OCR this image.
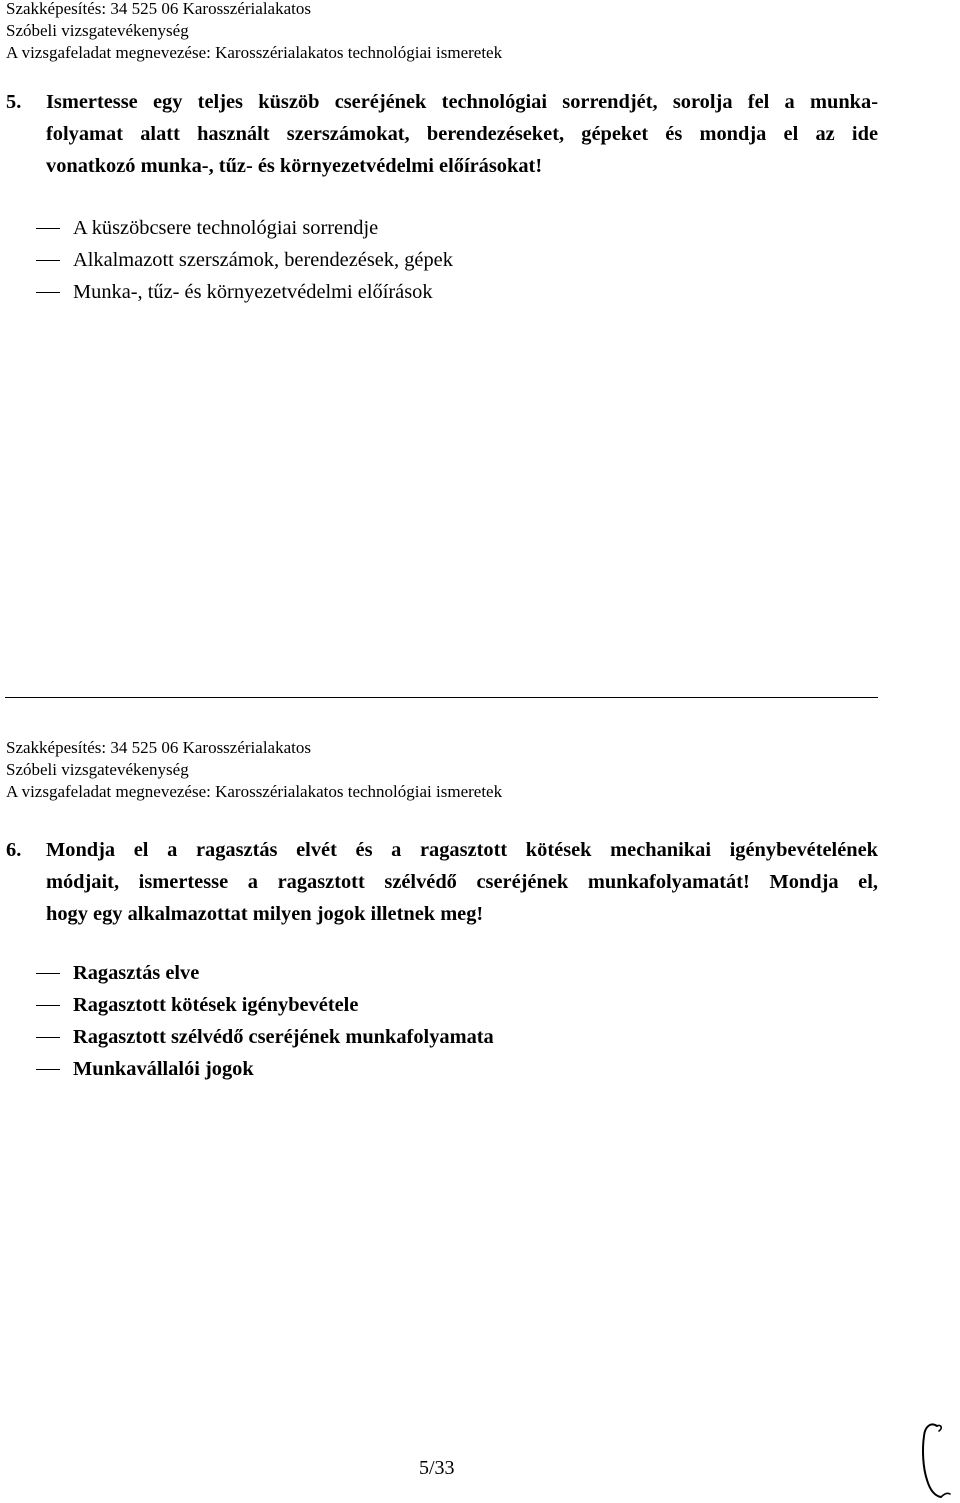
Szakképesítés: 34 525 06 Karosszérialakatos
Szóbeli vizsgatevékenység
A vizsgafeladat megnevezése: Karosszérialakatos technológiai ismeretek
5. Ismertesse egy teljes küszöb cseréjének technológiai sorrendjét, sorolja fel a munka-
folyamat alatt használt szerszámokat, berendezéseket, gépeket és mondja el az ide
vonatkozó munka-, tűz- és környezetvédelmi előírásokat!
A küszöbcsere technológiai sorrendje
Alkalmazott szerszámok, berendezések, gépek
Munka-, tűz- és környezetvédelmi előírások
Szakképesítés: 34 525 06 Karosszérialakatos
Szóbeli vizsgatevékenység
A vizsgafeladat megnevezése: Karosszérialakatos technológiai ismeretek
6. Mondja el a ragasztás elvét és a ragasztott kötések mechanikai igénybevételének
módjait, ismertesse a ragasztott szélvédő cseréjének munkafolyamatát! Mondja el,
hogy egy alkalmazottat milyen jogok illetnek meg!
Ragasztás elve
Ragasztott kötések igénybevétele
Ragasztott szélvédő cseréjének munkafolyamata
Munkavállalói jogok
5/33
